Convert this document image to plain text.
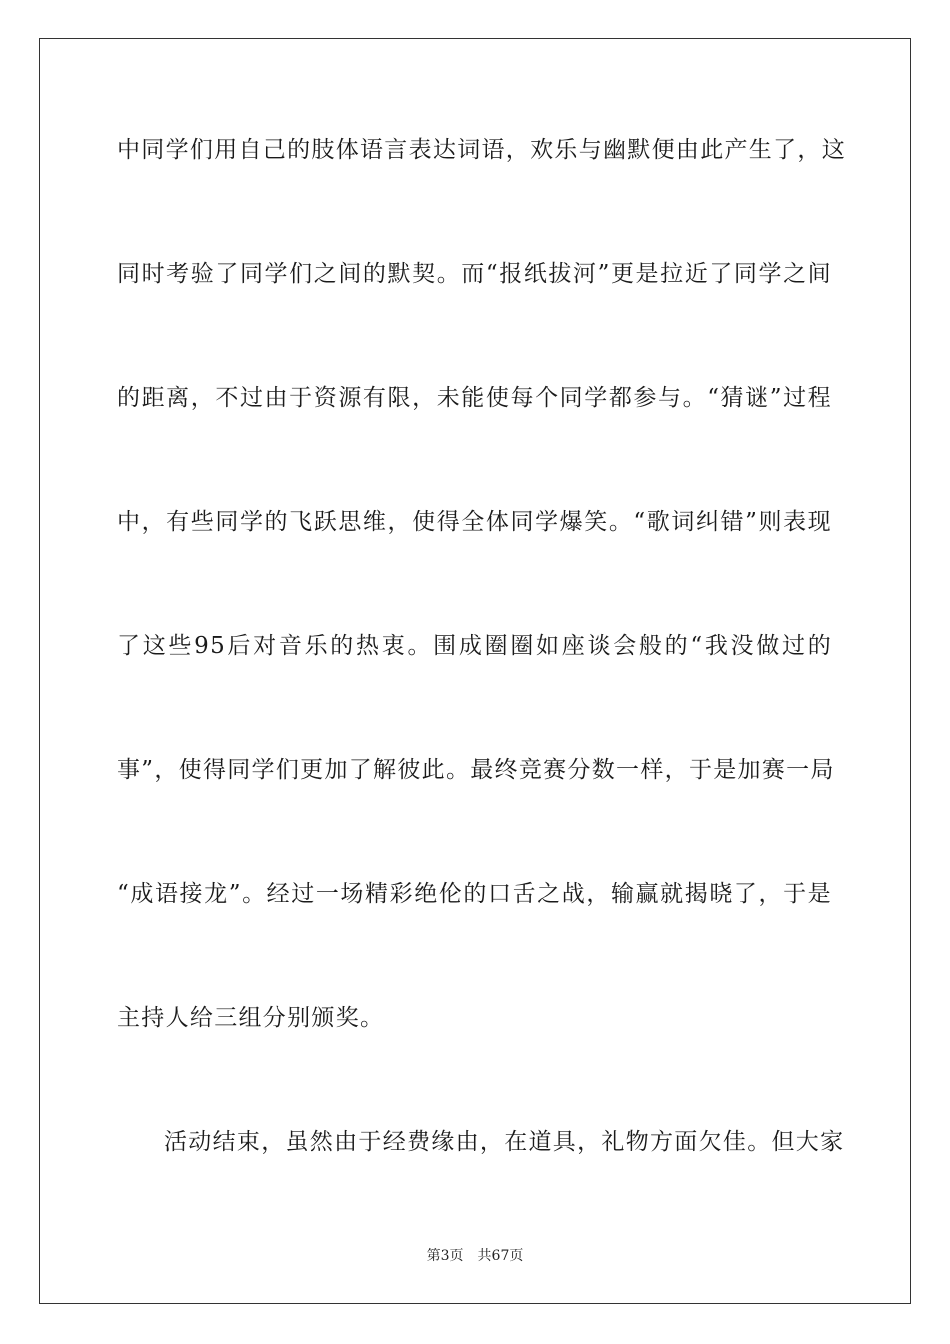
中同学们用自己的肢体语言表达词语，欢乐与幽默便由此产生了，这
同时考验了同学们之间的默契。而“报纸拔河”更是拉近了同学之间
的距离，不过由于资源有限，未能使每个同学都参与。“猜谜”过程
中，有些同学的飞跃思维，使得全体同学爆笑。“歌词纠错”则表现
了这些95后对音乐的热衷。围成圈圈如座谈会般的“我没做过的
事”，使得同学们更加了解彼此。最终竞赛分数一样，于是加赛一局
“成语接龙”。经过一场精彩绝伦的口舌之战，输赢就揭晓了，于是
主持人给三组分别颁奖。
活动结束，虽然由于经费缘由，在道具，礼物方面欠佳。但大家
第3页 共67页
